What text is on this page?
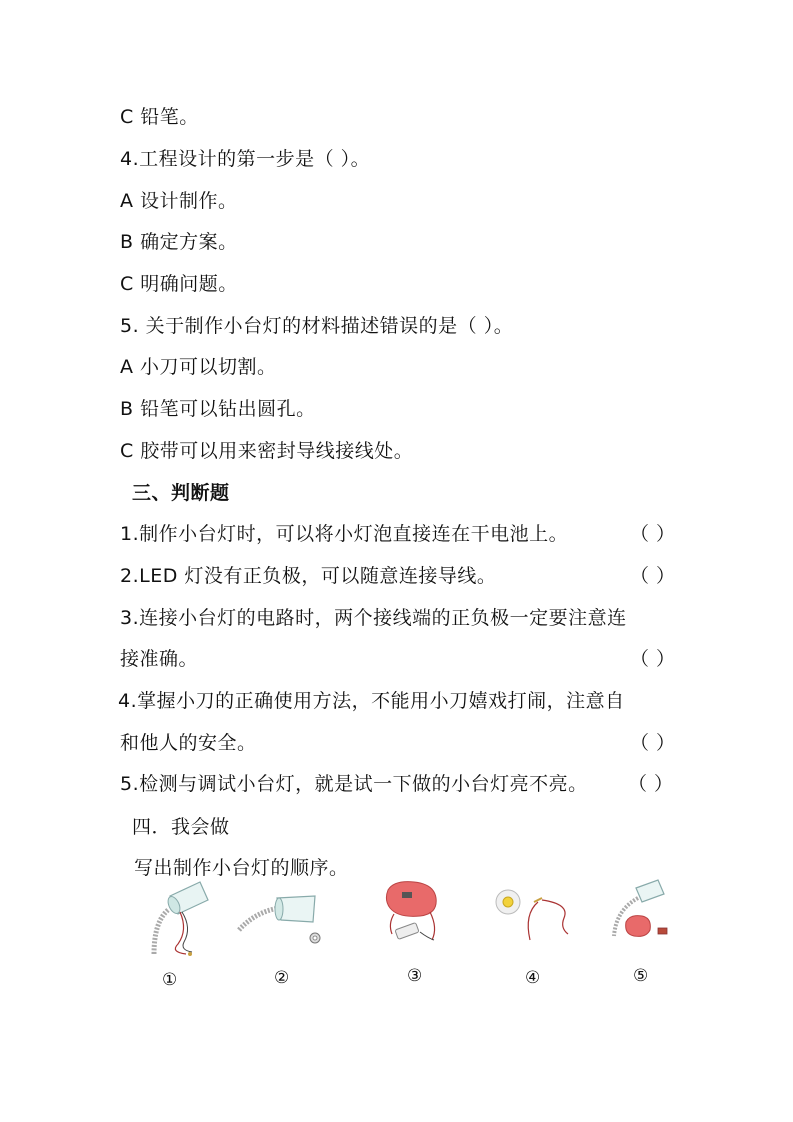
C 铅笔。
4.工程设计的第一步是（ ）。
A 设计制作。
B 确定方案。
C 明确问题。
5. 关于制作小台灯的材料描述错误的是（ ）。
A 小刀可以切割。
B 铅笔可以钻出圆孔。
C 胶带可以用来密封导线接线处。
三、判断题
1.制作小台灯时，可以将小灯泡直接连在干电池上。	（ ）
2.LED 灯没有正负极，可以随意连接导线。	（ ）
3.连接小台灯的电路时，两个接线端的正负极一定要注意连
接准确。	（ ）
4.掌握小刀的正确使用方法，不能用小刀嬉戏打闹，注意自
和他人的安全。	（ ）
5.检测与调试小台灯，就是试一下做的小台灯亮不亮。 （ ）
四．我会做
写出制作小台灯的顺序。
①	②	③	④	⑤
